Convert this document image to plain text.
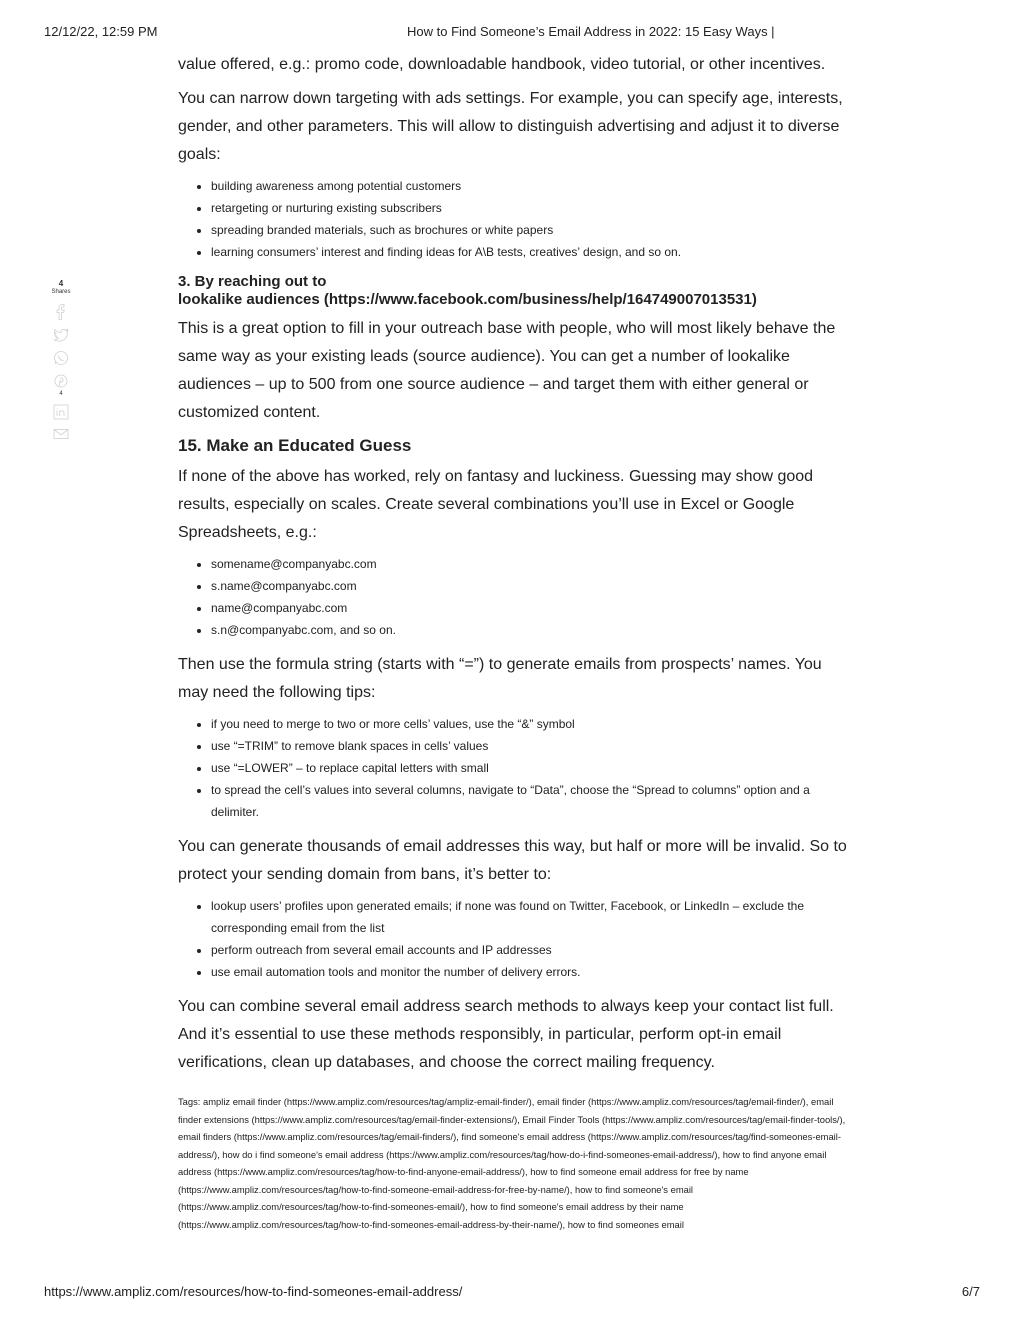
12/12/22, 12:59 PM	How to Find Someone’s Email Address in 2022: 15 Easy Ways |
4
Shares
4

value offered, e.g.: promo code, downloadable handbook, video tutorial, or other incentives.

You can narrow down targeting with ads settings. For example, you can specify age, interests, gender, and other parameters. This will allow to distinguish advertising and adjust it to diverse goals:

• building awareness among potential customers
• retargeting or nurturing existing subscribers
• spreading branded materials, such as brochures or white papers
• learning consumers’ interest and finding ideas for A\B tests, creatives’ design, and so on.
3. By reaching out to
lookalike audiences (https://www.facebook.com/business/help/164749007013531)

This is a great option to fill in your outreach base with people, who will most likely behave the same way as your existing leads (source audience). You can get a number of lookalike audiences – up to 500 from one source audience – and target them with either general or customized content.

15. Make an Educated Guess

If none of the above has worked, rely on fantasy and luckiness. Guessing may show good results, especially on scales. Create several combinations you’ll use in Excel or Google Spreadsheets, e.g.:

• somename@companyabc.com
• s.name@companyabc.com
• name@companyabc.com
• s.n@companyabc.com, and so on.

Then use the formula string (starts with “=”) to generate emails from prospects’ names. You may need the following tips:

• if you need to merge to two or more cells’ values, use the “&” symbol
• use “=TRIM” to remove blank spaces in cells’ values
• use “=LOWER” – to replace capital letters with small
• to spread the cell’s values into several columns, navigate to “Data”, choose the “Spread to columns” option and a delimiter.

You can generate thousands of email addresses this way, but half or more will be invalid. So to protect your sending domain from bans, it’s better to:

• lookup users’ profiles upon generated emails; if none was found on Twitter, Facebook, or LinkedIn – exclude the corresponding email from the list
• perform outreach from several email accounts and IP addresses
• use email automation tools and monitor the number of delivery errors.

You can combine several email address search methods to always keep your contact list full. And it’s essential to use these methods responsibly, in particular, perform opt-in email verifications, clean up databases, and choose the correct mailing frequency.

Tags: ampliz email finder (https://www.ampliz.com/resources/tag/ampliz-email-finder/), email finder (https://www.ampliz.com/resources/tag/email-finder/), email finder extensions (https://www.ampliz.com/resources/tag/email-finder-extensions/), Email Finder Tools (https://www.ampliz.com/resources/tag/email-finder-tools/), email finders (https://www.ampliz.com/resources/tag/email-finders/), find someone's email address (https://www.ampliz.com/resources/tag/find-someones-email-address/), how do i find someone's email address (https://www.ampliz.com/resources/tag/how-do-i-find-someones-email-address/), how to find anyone email address (https://www.ampliz.com/resources/tag/how-to-find-anyone-email-address/), how to find someone email address for free by name (https://www.ampliz.com/resources/tag/how-to-find-someone-email-address-for-free-by-name/), how to find someone's email (https://www.ampliz.com/resources/tag/how-to-find-someones-email/), how to find someone's email address by their name (https://www.ampliz.com/resources/tag/how-to-find-someones-email-address-by-their-name/), how to find someones email
https://www.ampliz.com/resources/how-to-find-someones-email-address/	6/7
